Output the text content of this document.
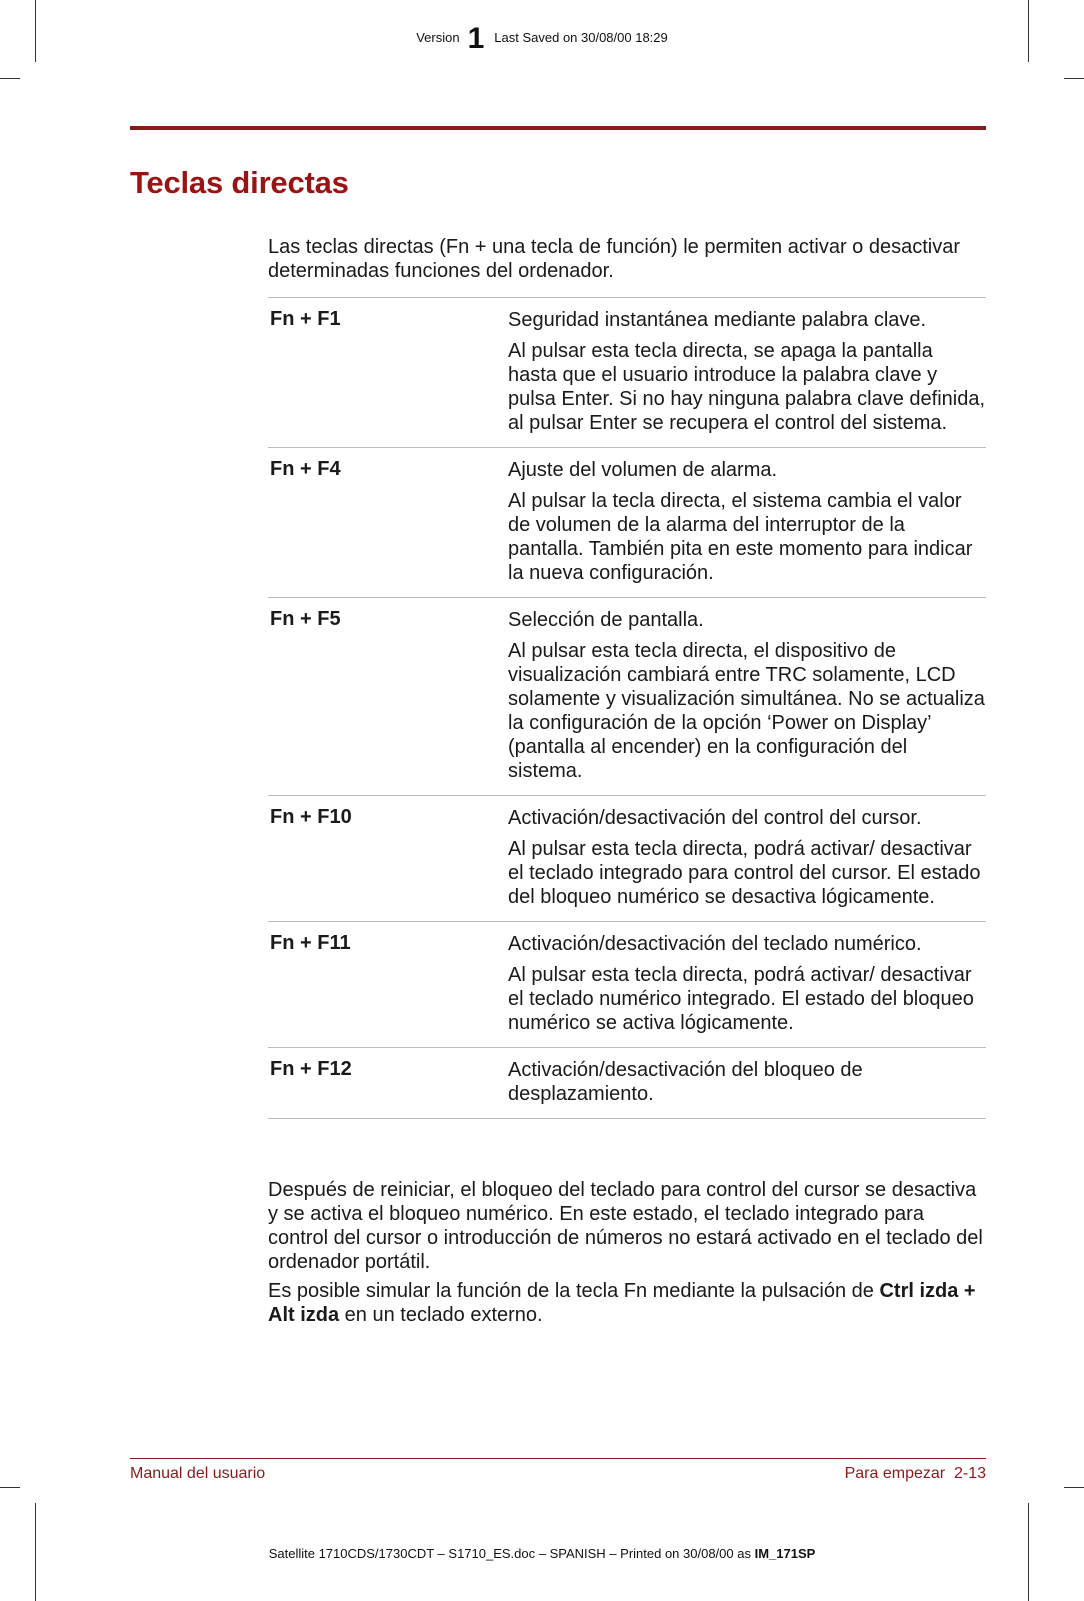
Version 1 Last Saved on 30/08/00 18:29
Teclas directas
Las teclas directas (Fn + una tecla de función) le permiten activar o desactivar determinadas funciones del ordenador.
Fn + F1	Seguridad instantánea mediante palabra clave.

Al pulsar esta tecla directa, se apaga la pantalla hasta que el usuario introduce la palabra clave y pulsa Enter. Si no hay ninguna palabra clave definida, al pulsar Enter se recupera el control del sistema.

Fn + F4	Ajuste del volumen de alarma.

Al pulsar la tecla directa, el sistema cambia el valor de volumen de la alarma del interruptor de la pantalla. También pita en este momento para indicar la nueva configuración.

Fn + F5	Selección de pantalla.

Al pulsar esta tecla directa, el dispositivo de visualización cambiará entre TRC solamente, LCD solamente y visualización simultánea. No se actualiza la configuración de la opción ‘Power on Display’ (pantalla al encender) en la configuración del sistema.

Fn + F10	Activación/desactivación del control del cursor.

Al pulsar esta tecla directa, podrá activar/ desactivar el teclado integrado para control del cursor. El estado del bloqueo numérico se desactiva lógicamente.

Fn + F11	Activación/desactivación del teclado numérico.

Al pulsar esta tecla directa, podrá activar/ desactivar el teclado numérico integrado. El estado del bloqueo numérico se activa lógicamente.

Fn + F12	Activación/desactivación del bloqueo de desplazamiento.

Después de reiniciar, el bloqueo del teclado para control del cursor se desactiva y se activa el bloqueo numérico. En este estado, el teclado integrado para control del cursor o introducción de números no estará activado en el teclado del ordenador portátil.
Es posible simular la función de la tecla Fn mediante la pulsación de Ctrl izda + Alt izda en un teclado externo.
Manual del usuario	Para empezar  2-13
Satellite 1710CDS/1730CDT – S1710_ES.doc – SPANISH – Printed on 30/08/00 as IM_171SP
